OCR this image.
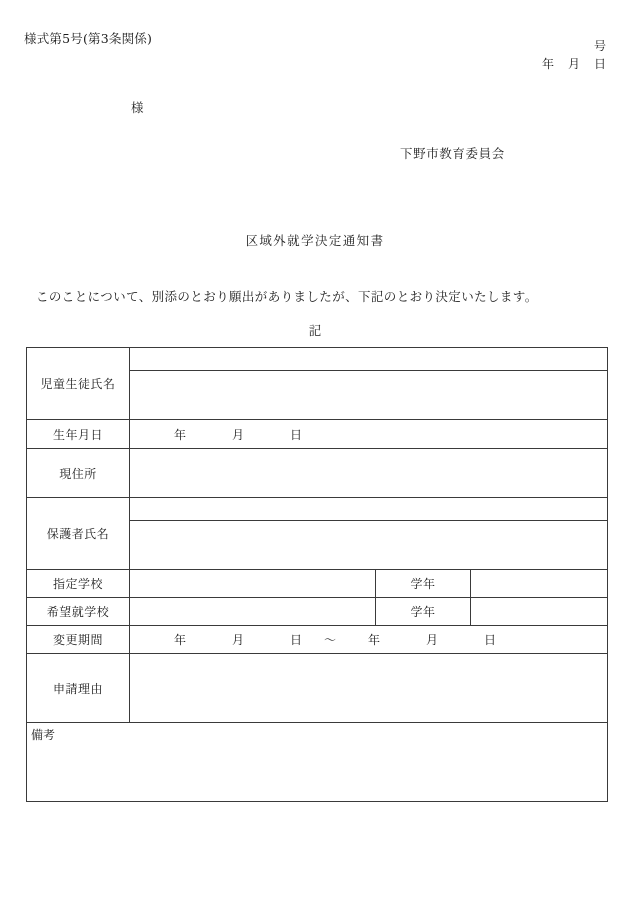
様式第5号(第3条関係)	号
年 月 日
様
下野市教育委員会
区域外就学決定通知書
このことについて、別添のとおり願出がありましたが、下記のとおり決定いたします。
記
児童生徒氏名			

生年月日	年 月 日		
現住所			
保護者氏名			

指定学校		学年	
希望就学校		学年	
変更期間	年 月 日 ～ 年 月 日		
申請理由			

備考			
